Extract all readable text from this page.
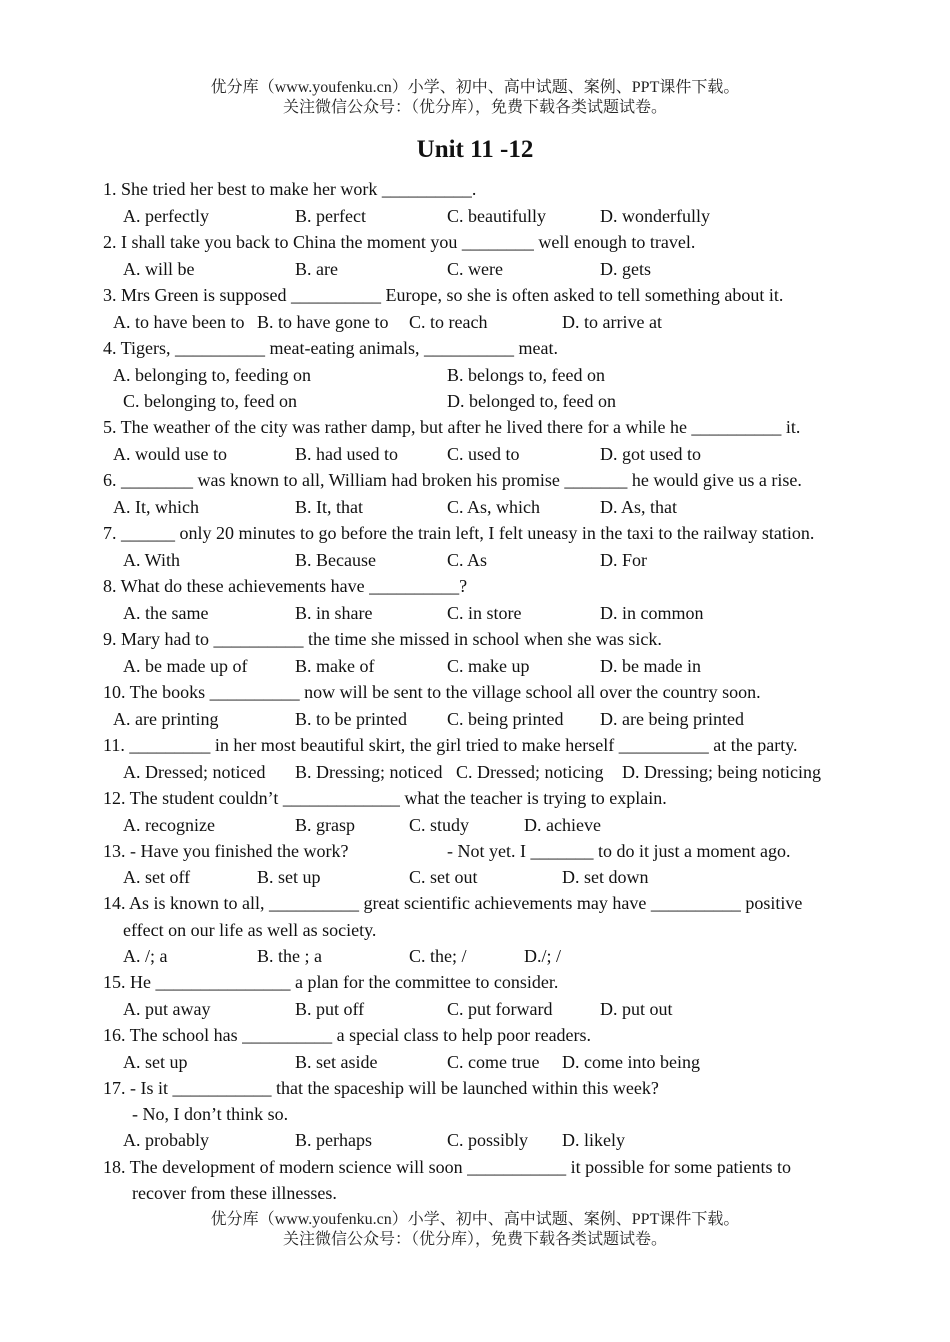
优分库（www.youfenku.cn）小学、初中、高中试题、案例、PPT课件下载。
关注微信公众号：（优分库），免费下载各类试题试卷。
Unit 11 -12
1. She tried her best to make her work __________.
A. perfectly	B. perfect	C. beautifully	D. wonderfully
2. I shall take you back to China the moment you ________ well enough to travel.
A. will be	B. are	C. were	D. gets
3. Mrs Green is supposed __________ Europe, so she is often asked to tell something about it.
A. to have been to B. to have gone to C. to reach	D. to arrive at
4. Tigers, __________ meat-eating animals, __________ meat.
A. belonging to, feeding on	B. belongs to, feed on
C. belonging to, feed on	D. belonged to, feed on
5. The weather of the city was rather damp, but after he lived there for a while he __________ it.
A. would use to	B. had used to	C. used to	D. got used to
6. ________ was known to all, William had broken his promise _______ he would give us a rise.
A. It, which	B. It, that	C. As, which	D. As, that
7. ______ only 20 minutes to go before the train left, I felt uneasy in the taxi to the railway station.
A. With	B. Because	C. As	D. For
8. What do these achievements have __________?
A. the same	B. in share	C. in store	D. in common
9. Mary had to __________ the time she missed in school when she was sick.
A. be made up of	B. make of	C. make up	D. be made in
10. The books __________ now will be sent to the village school all over the country soon.
A. are printing	B. to be printed C. being printed D. are being printed
11. _________ in her most beautiful skirt, the girl tried to make herself __________ at the party.
A. Dressed; noticed B. Dressing; noticed C. Dressed; noticing D. Dressing; being noticing
12. The student couldn’t _____________ what the teacher is trying to explain.
A. recognize	B. grasp	C. study	D. achieve
13. - Have you finished the work?	- Not yet. I _______ to do it just a moment ago.
A. set off	B. set up	C. set out	D. set down
14. As is known to all, __________ great scientific achievements may have __________ positive
effect on our life as well as society.
A. /; a	B. the ; a	C. the; /	D./; /
15. He _______________ a plan for the committee to consider.
A. put away	B. put off	C. put forward	D. put out
16. The school has __________ a special class to help poor readers.
A. set up	B. set aside	C. come true D. come into being
17. - Is it ___________ that the spaceship will be launched within this week?
- No, I don’t think so.
A. probably	B. perhaps	C. possibly D. likely
18. The development of modern science will soon ___________ it possible for some patients to
recover from these illnesses.
优分库（www.youfenku.cn）小学、初中、高中试题、案例、PPT课件下载。
关注微信公众号：（优分库），免费下载各类试题试卷。
